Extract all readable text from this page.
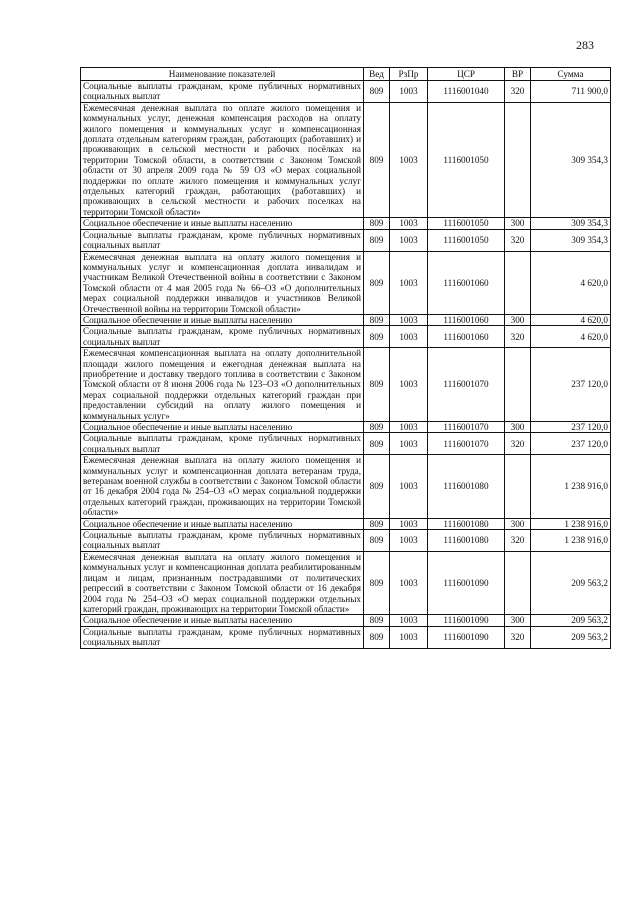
283
Наименование показателей	Вед	РзПр	ЦСР	ВР	Сумма
Социальные выплаты гражданам, кроме публичных нормативных социальных выплат	809	1003	1116001040	320	711 900,0
Ежемесячная денежная выплата по оплате жилого помещения и коммунальных услуг, денежная компенсация расходов на оплату жилого помещения и коммунальных услуг и компенсационная доплата отдельным категориям граждан, работающих (работавших) и проживающих в сельской местности и рабочих посёлках на территории Томской области, в соответствии с Законом Томской области от 30 апреля 2009 года № 59 ОЗ «О мерах социальной поддержки по оплате жилого помещения и коммунальных услуг отдельных категорий граждан, работающих (работавших) и проживающих в сельской местности и рабочих поселках на территории Томской области»	809	1003	1116001050		309 354,3
Социальное обеспечение и иные выплаты населению	809	1003	1116001050	300	309 354,3
Социальные выплаты гражданам, кроме публичных нормативных социальных выплат	809	1003	1116001050	320	309 354,3
Ежемесячная денежная выплата на оплату жилого помещения и коммунальных услуг и компенсационная доплата инвалидам и участникам Великой Отечественной войны в соответствии с Законом Томской области от 4 мая 2005 года № 66–ОЗ «О дополнительных мерах социальной поддержки инвалидов и участников Великой Отечественной войны на территории Томской области»	809	1003	1116001060		4 620,0
Социальное обеспечение и иные выплаты населению	809	1003	1116001060	300	4 620,0
Социальные выплаты гражданам, кроме публичных нормативных социальных выплат	809	1003	1116001060	320	4 620,0
Ежемесячная компенсационная выплата на оплату дополнительной площади жилого помещения и ежегодная денежная выплата на приобретение и доставку твердого топлива в соответствии с Законом Томской области от 8 июня 2006 года № 123–ОЗ «О дополнительных мерах социальной поддержки отдельных категорий граждан при предоставлении субсидий на оплату жилого помещения и коммунальных услуг»	809	1003	1116001070		237 120,0
Социальное обеспечение и иные выплаты населению	809	1003	1116001070	300	237 120,0
Социальные выплаты гражданам, кроме публичных нормативных социальных выплат	809	1003	1116001070	320	237 120,0
Ежемесячная денежная выплата на оплату жилого помещения и коммунальных услуг и компенсационная доплата ветеранам труда, ветеранам военной службы в соответствии с Законом Томской области от 16 декабря 2004 года № 254–ОЗ «О мерах социальной поддержки отдельных категорий граждан, проживающих на территории Томской области»	809	1003	1116001080		1 238 916,0
Социальное обеспечение и иные выплаты населению	809	1003	1116001080	300	1 238 916,0
Социальные выплаты гражданам, кроме публичных нормативных социальных выплат	809	1003	1116001080	320	1 238 916,0
Ежемесячная денежная выплата на оплату жилого помещения и коммунальных услуг и компенсационная доплата реабилитированным лицам и лицам, признанным пострадавшими от политических репрессий в соответствии с Законом Томской области от 16 декабря 2004 года № 254–ОЗ «О мерах социальной поддержки отдельных категорий граждан, проживающих на территории Томской области»	809	1003	1116001090		209 563,2
Социальное обеспечение и иные выплаты населению	809	1003	1116001090	300	209 563,2
Социальные выплаты гражданам, кроме публичных нормативных социальных выплат	809	1003	1116001090	320	209 563,2
